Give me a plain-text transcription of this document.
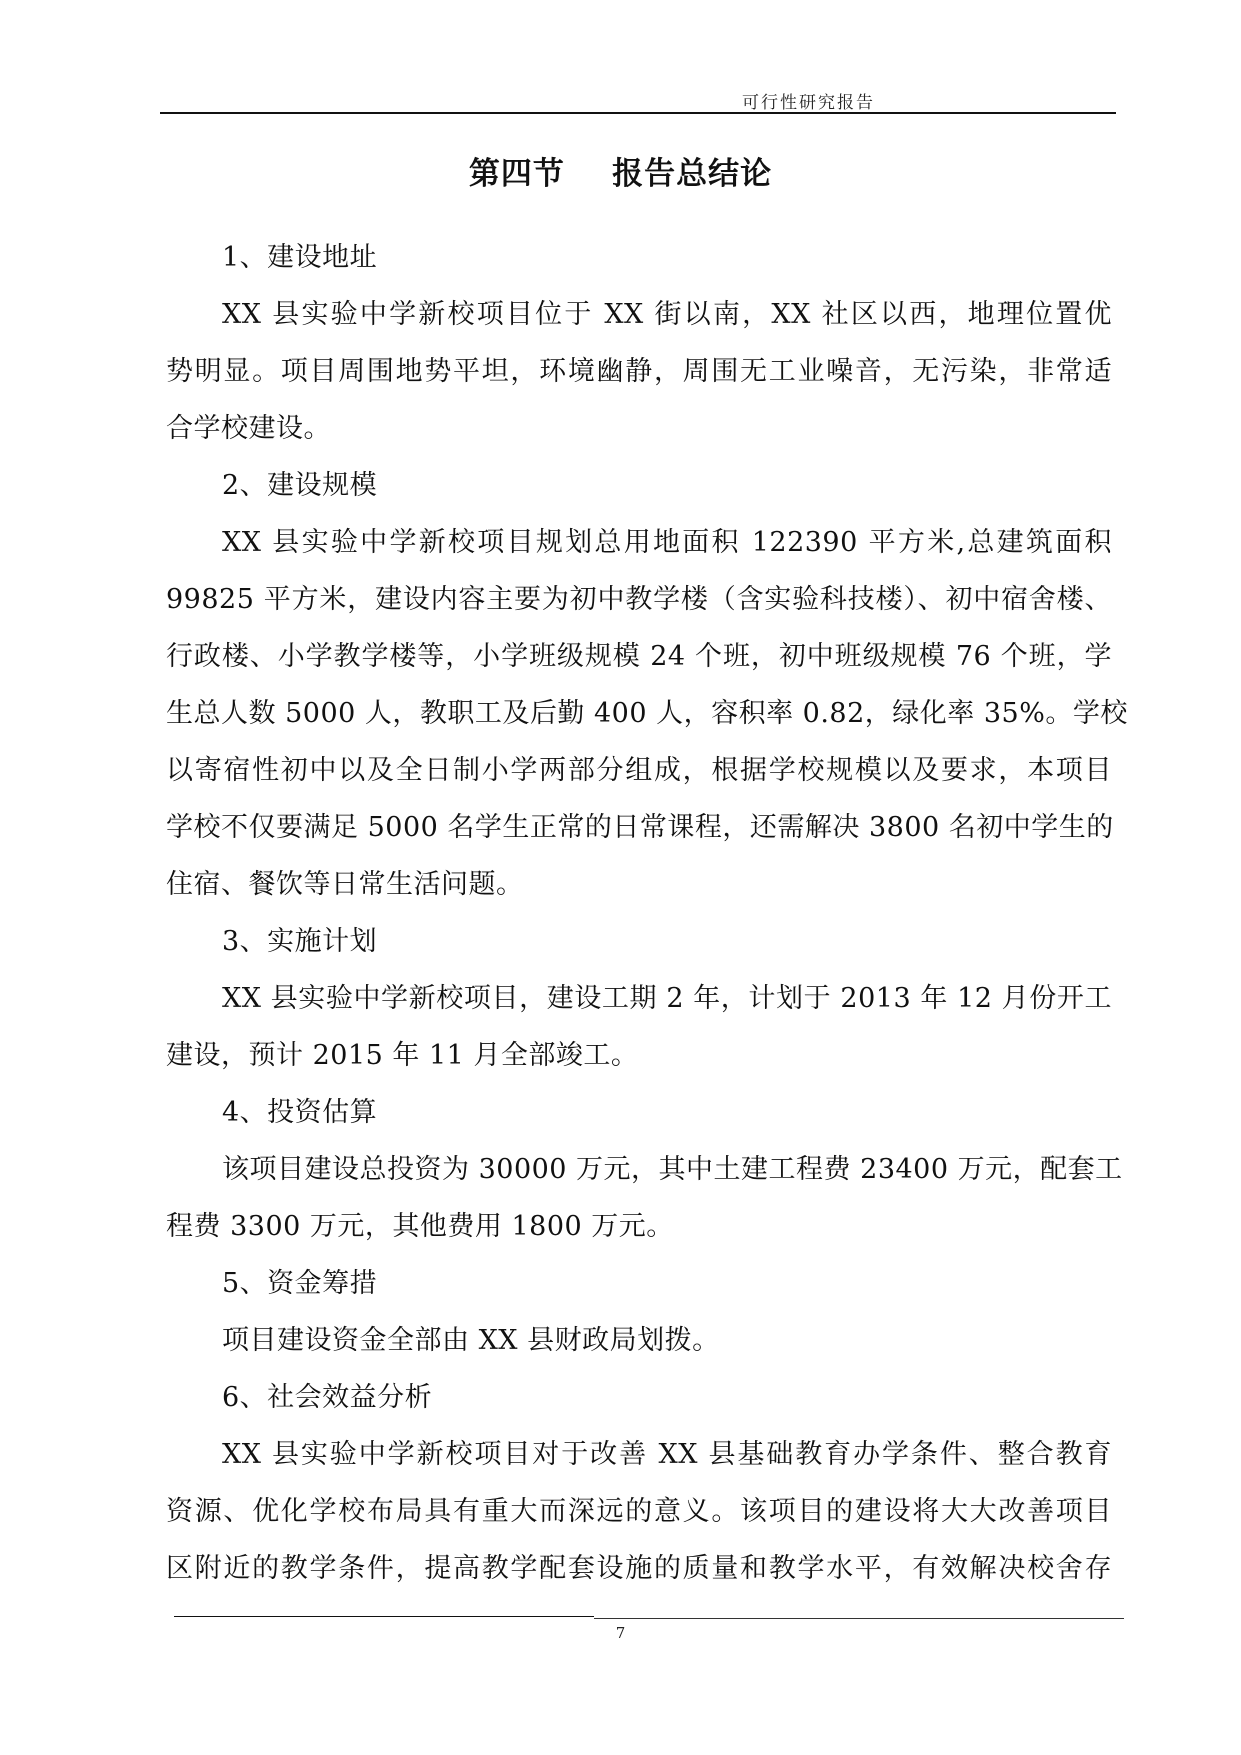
可行性研究报告
第四节    报告总结论
1、建设地址
XX 县实验中学新校项目位于 XX 街以南，XX 社区以西，地理位置优
势明显。项目周围地势平坦，环境幽静，周围无工业噪音，无污染，非常适
合学校建设。
2、建设规模
XX 县实验中学新校项目规划总用地面积 122390 平方米,总建筑面积
99825 平方米，建设内容主要为初中教学楼（含实验科技楼）、初中宿舍楼、
行政楼、小学教学楼等，小学班级规模 24 个班，初中班级规模 76 个班，学
生总人数 5000 人，教职工及后勤 400 人，容积率 0.82，绿化率 35%。学校
以寄宿性初中以及全日制小学两部分组成，根据学校规模以及要求，本项目
学校不仅要满足 5000 名学生正常的日常课程，还需解决 3800 名初中学生的
住宿、餐饮等日常生活问题。
3、实施计划
XX 县实验中学新校项目，建设工期 2 年，计划于 2013 年 12 月份开工
建设，预计 2015 年 11 月全部竣工。
4、投资估算
该项目建设总投资为 30000 万元，其中土建工程费 23400 万元，配套工
程费 3300 万元，其他费用 1800 万元。
5、资金筹措
项目建设资金全部由 XX 县财政局划拨。
6、社会效益分析
XX 县实验中学新校项目对于改善 XX 县基础教育办学条件、整合教育
资源、优化学校布局具有重大而深远的意义。该项目的建设将大大改善项目
区附近的教学条件，提高教学配套设施的质量和教学水平，有效解决校舍存
7
